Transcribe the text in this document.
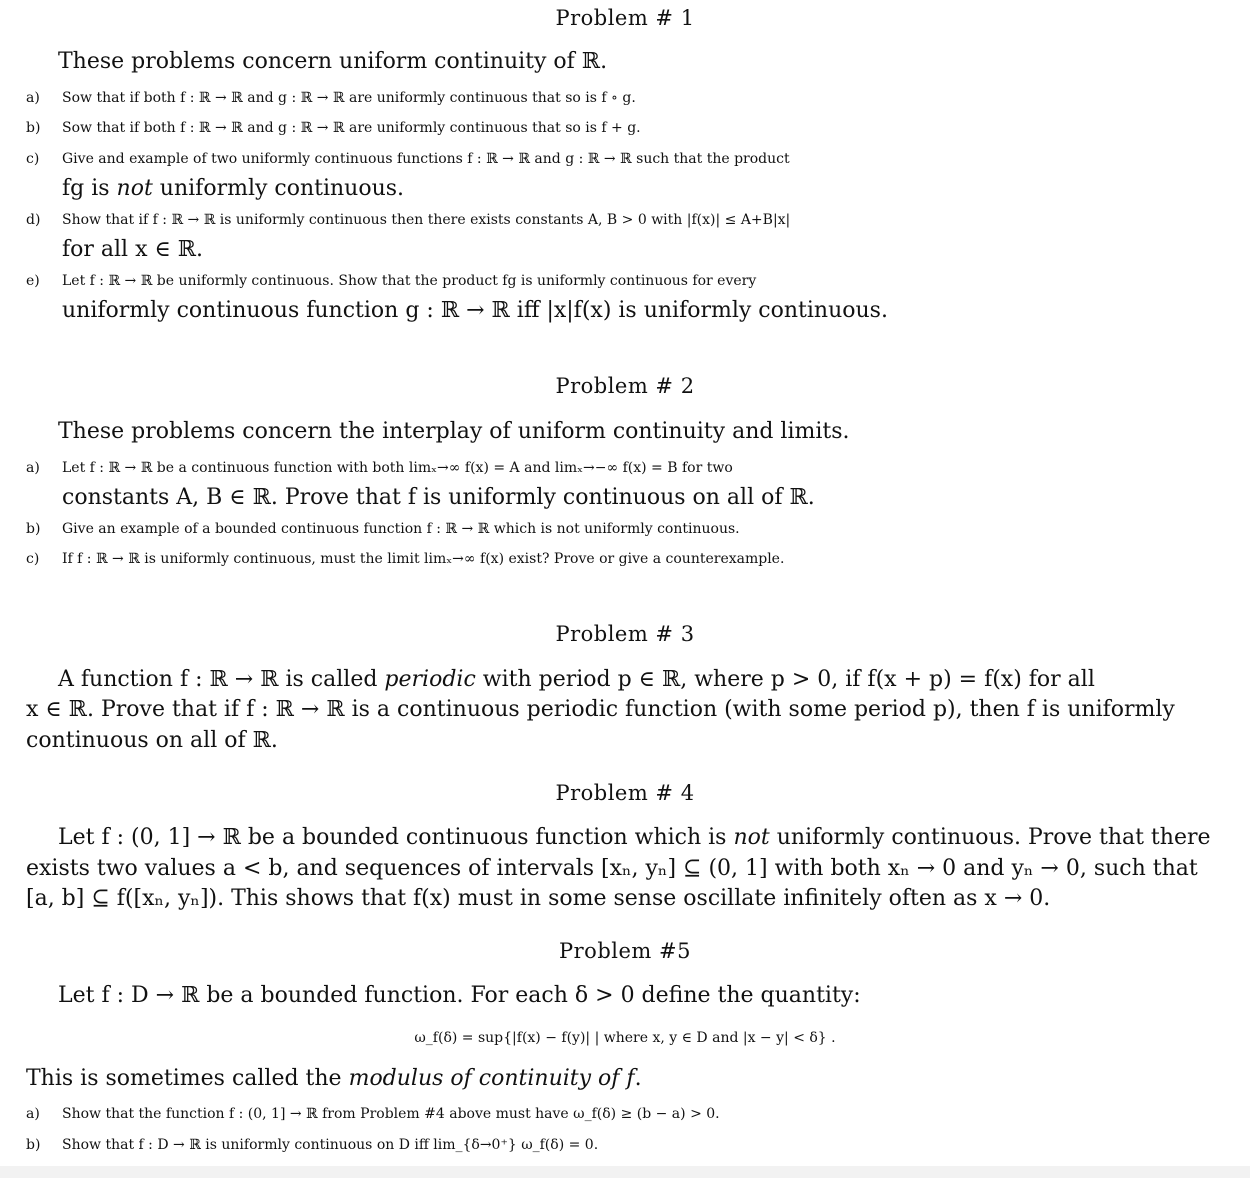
Problem # 1
These problems concern uniform continuity of ℝ.
a)	Sow that if both f : ℝ → ℝ and g : ℝ → ℝ are uniformly continuous that so is f ∘ g.
b)	Sow that if both f : ℝ → ℝ and g : ℝ → ℝ are uniformly continuous that so is f + g.
c)	Give and example of two uniformly continuous functions f : ℝ → ℝ and g : ℝ → ℝ such that the product
fg is not uniformly continuous.
d)	Show that if f : ℝ → ℝ is uniformly continuous then there exists constants A, B > 0 with |f(x)| ≤ A+B|x|
for all x ∈ ℝ.
e)	Let f : ℝ → ℝ be uniformly continuous. Show that the product fg is uniformly continuous for every
uniformly continuous function g : ℝ → ℝ iff |x|f(x) is uniformly continuous.
Problem # 2
These problems concern the interplay of uniform continuity and limits.
a)	Let f : ℝ → ℝ be a continuous function with both limₓ→∞ f(x) = A and limₓ→−∞ f(x) = B for two
constants A, B ∈ ℝ. Prove that f is uniformly continuous on all of ℝ.
b)	Give an example of a bounded continuous function f : ℝ → ℝ which is not uniformly continuous.
c)	If f : ℝ → ℝ is uniformly continuous, must the limit limₓ→∞ f(x) exist? Prove or give a counterexample.
Problem # 3
A function f : ℝ → ℝ is called periodic with period p ∈ ℝ, where p > 0, if f(x + p) = f(x) for all
x ∈ ℝ. Prove that if f : ℝ → ℝ is a continuous periodic function (with some period p), then f is uniformly
continuous on all of ℝ.
Problem # 4
Let f : (0, 1] → ℝ be a bounded continuous function which is not uniformly continuous. Prove that there
exists two values a < b, and sequences of intervals [xₙ, yₙ] ⊆ (0, 1] with both xₙ → 0 and yₙ → 0, such that
[a, b] ⊆ f([xₙ, yₙ]). This shows that f(x) must in some sense oscillate infinitely often as x → 0.
Problem #5
Let f : D → ℝ be a bounded function. For each δ > 0 define the quantity:
ω_f(δ) = sup{|f(x) − f(y)| | where x, y ∈ D and |x − y| < δ} .
This is sometimes called the modulus of continuity of f.
a)	Show that the function f : (0, 1] → ℝ from Problem #4 above must have ω_f(δ) ≥ (b − a) > 0.
b)	Show that f : D → ℝ is uniformly continuous on D iff lim_{δ→0⁺} ω_f(δ) = 0.
